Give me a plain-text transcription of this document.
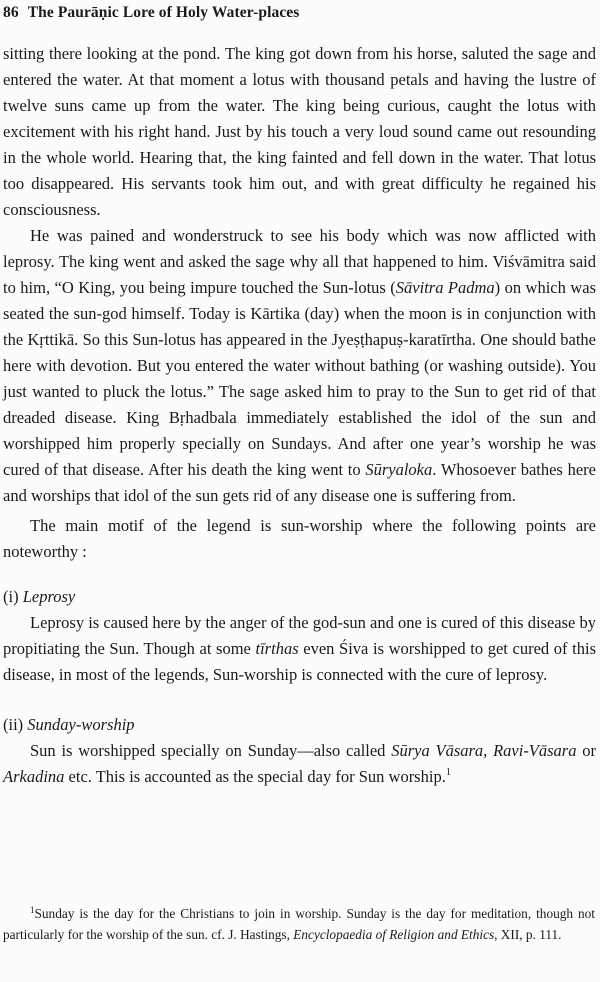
86 The Paurāṇic Lore of Holy Water-places

sitting there looking at the pond. The king got down from his horse, saluted the sage and entered the water. At that moment a lotus with thousand petals and having the lustre of twelve suns came up from the water. The king being curious, caught the lotus with excitement with his right hand. Just by his touch a very loud sound came out resounding in the whole world. Hearing that, the king fainted and fell down in the water. That lotus too disappeared. His servants took him out, and with great difficulty he regained his consciousness.

He was pained and wonderstruck to see his body which was now afflicted with leprosy. The king went and asked the sage why all that happened to him. Viśvāmitra said to him, “O King, you being impure touched the Sun-lotus (Sāvitra Padma) on which was seated the sun-god himself. Today is Kārtika (day) when the moon is in conjunction with the Kṛttikā. So this Sun-lotus has appeared in the Jyeṣṭhapuṣ-karatīrtha. One should bathe here with devotion. But you entered the water without bathing (or washing outside). You just wanted to pluck the lotus.” The sage asked him to pray to the Sun to get rid of that dreaded disease. King Bṛhadbala immediately established the idol of the sun and worshipped him properly specially on Sundays. And after one year’s worship he was cured of that disease. After his death the king went to Sūryaloka. Whosoever bathes here and worships that idol of the sun gets rid of any disease one is suffering from.

The main motif of the legend is sun-worship where the following points are noteworthy :

(i) Leprosy

Leprosy is caused here by the anger of the god-sun and one is cured of this disease by propitiating the Sun. Though at some tīrthas even Śiva is worshipped to get cured of this disease, in most of the legends, Sun-worship is connected with the cure of leprosy.

(ii) Sunday-worship

Sun is worshipped specially on Sunday—also called Sūrya Vāsara, Ravi-Vāsara or Arkadina etc. This is accounted as the special day for Sun worship.$^1$

$^1$Sunday is the day for the Christians to join in worship. Sunday is the day for meditation, though not particularly for the worship of the sun. cf. J. Hastings, Encyclopaedia of Religion and Ethics, XII, p. 111.
